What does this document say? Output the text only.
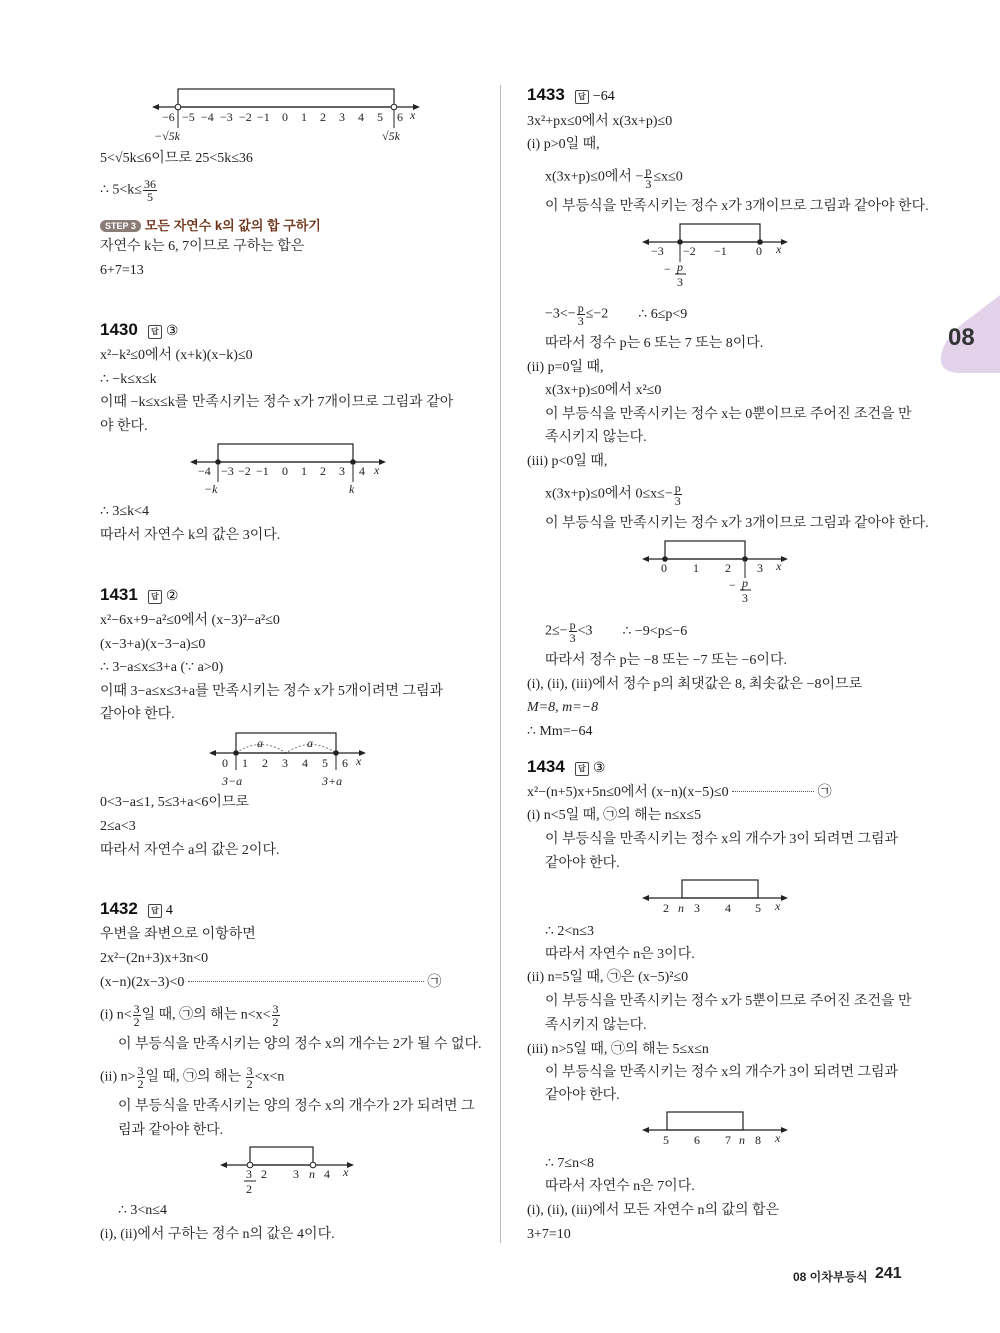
−6 −5 −4 −3 −2 −1 0 1 2 3 4 5 6 x
−√5k	√5k
5<√5k≤6이므로 25<5k≤36
∴ $5<k\le \frac{36}{5}$
STEP 3 모든 자연수 k의 값의 합 구하기
자연수 k는 6, 7이므로 구하는 합은
6+7=13
1430 답 ③
x²−k²≤0에서 (x+k)(x−k)≤0
∴ −k≤x≤k
이때 −k≤x≤k를 만족시키는 정수 x가 7개이므로 그림과 같아
야 한다.
−4 −3 −2 −1 0 1 2 3 4 x
−k	k
∴ 3≤k<4
따라서 자연수 k의 값은 3이다.
1431 답 ②
x²−6x+9−a²≤0에서 (x−3)²−a²≤0
(x−3+a)(x−3−a)≤0
∴ 3−a≤x≤3+a (∵ a>0)
이때 3−a≤x≤3+a를 만족시키는 정수 x가 5개이려면 그림과
같아야 한다.
a	a
0 1 2 3 4 5 6 x
3−a	3+a
0<3−a≤1, 5≤3+a<6이므로
2≤a<3
따라서 자연수 a의 값은 2이다.
1432 답 4
우변을 좌변으로 이항하면
2x²−(2n+3)x+3n<0
(x−n)(2x−3)<0	㉠
(i) $n< \frac{3}{2}$ 일 때, ㉠의 해는 $n<x< \frac{3}{2}$
이 부등식을 만족시키는 양의 정수 x의 개수는 2가 될 수 없다.
(ii) $n> \frac{3}{2}$ 일 때, ㉠의 해는 $\frac{3}{2} <x<n$
이 부등식을 만족시키는 양의 정수 x의 개수가 2가 되려면 그
림과 같아야 한다.
3
2
2 3 n 4 x
∴ 3<n≤4
(i), (ii)에서 구하는 정수 n의 값은 4이다.
1433 답 −64
3x²+px≤0에서 x(3x+p)≤0
(i) p>0일 때,
x(3x+p)≤0에서 − $\frac{p}{3} \le x\le 0$
이 부등식을 만족시키는 정수 x가 3개이므로 그림과 같아야 한다.
−3 −2 −1 0 x
− p
3
$-3<- \frac{p}{3} \le-2$ ∴ 6≤p<9
따라서 정수 p는 6 또는 7 또는 8이다.
(ii) p=0일 때,
x(3x+p)≤0에서 x²≤0
이 부등식을 만족시키는 정수 x는 0뿐이므로 주어진 조건을 만
족시키지 않는다.
(iii) p<0일 때,
x(3x+p)≤0에서 $0\le x\le- \frac{p}{3}$
이 부등식을 만족시키는 정수 x가 3개이므로 그림과 같아야 한다.
0 1 2 3 x
− p
3
$2\le- \frac{p}{3} <3$ ∴ −9<p≤−6
따라서 정수 p는 −8 또는 −7 또는 −6이다.
(i), (ii), (iii)에서 정수 p의 최댓값은 8, 최솟값은 −8이므로
M=8, m=−8
∴ Mm=−64
1434 답 ③
x²−(n+5)x+5n≤0에서 (x−n)(x−5)≤0	㉠
(i) n<5일 때, ㉠의 해는 n≤x≤5
이 부등식을 만족시키는 정수 x의 개수가 3이 되려면 그림과
같아야 한다.
2 n 3 4 5 x
∴ 2<n≤3
따라서 자연수 n은 3이다.
(ii) n=5일 때, ㉠은 (x−5)²≤0
이 부등식을 만족시키는 정수 x가 5뿐이므로 주어진 조건을 만
족시키지 않는다.
(iii) n>5일 때, ㉠의 해는 5≤x≤n
이 부등식을 만족시키는 정수 x의 개수가 3이 되려면 그림과
같아야 한다.
5 6 7 n 8 x
∴ 7≤n<8
따라서 자연수 n은 7이다.
(i), (ii), (iii)에서 모든 자연수 n의 값의 합은
3+7=10
08
08 이차부등식 241
